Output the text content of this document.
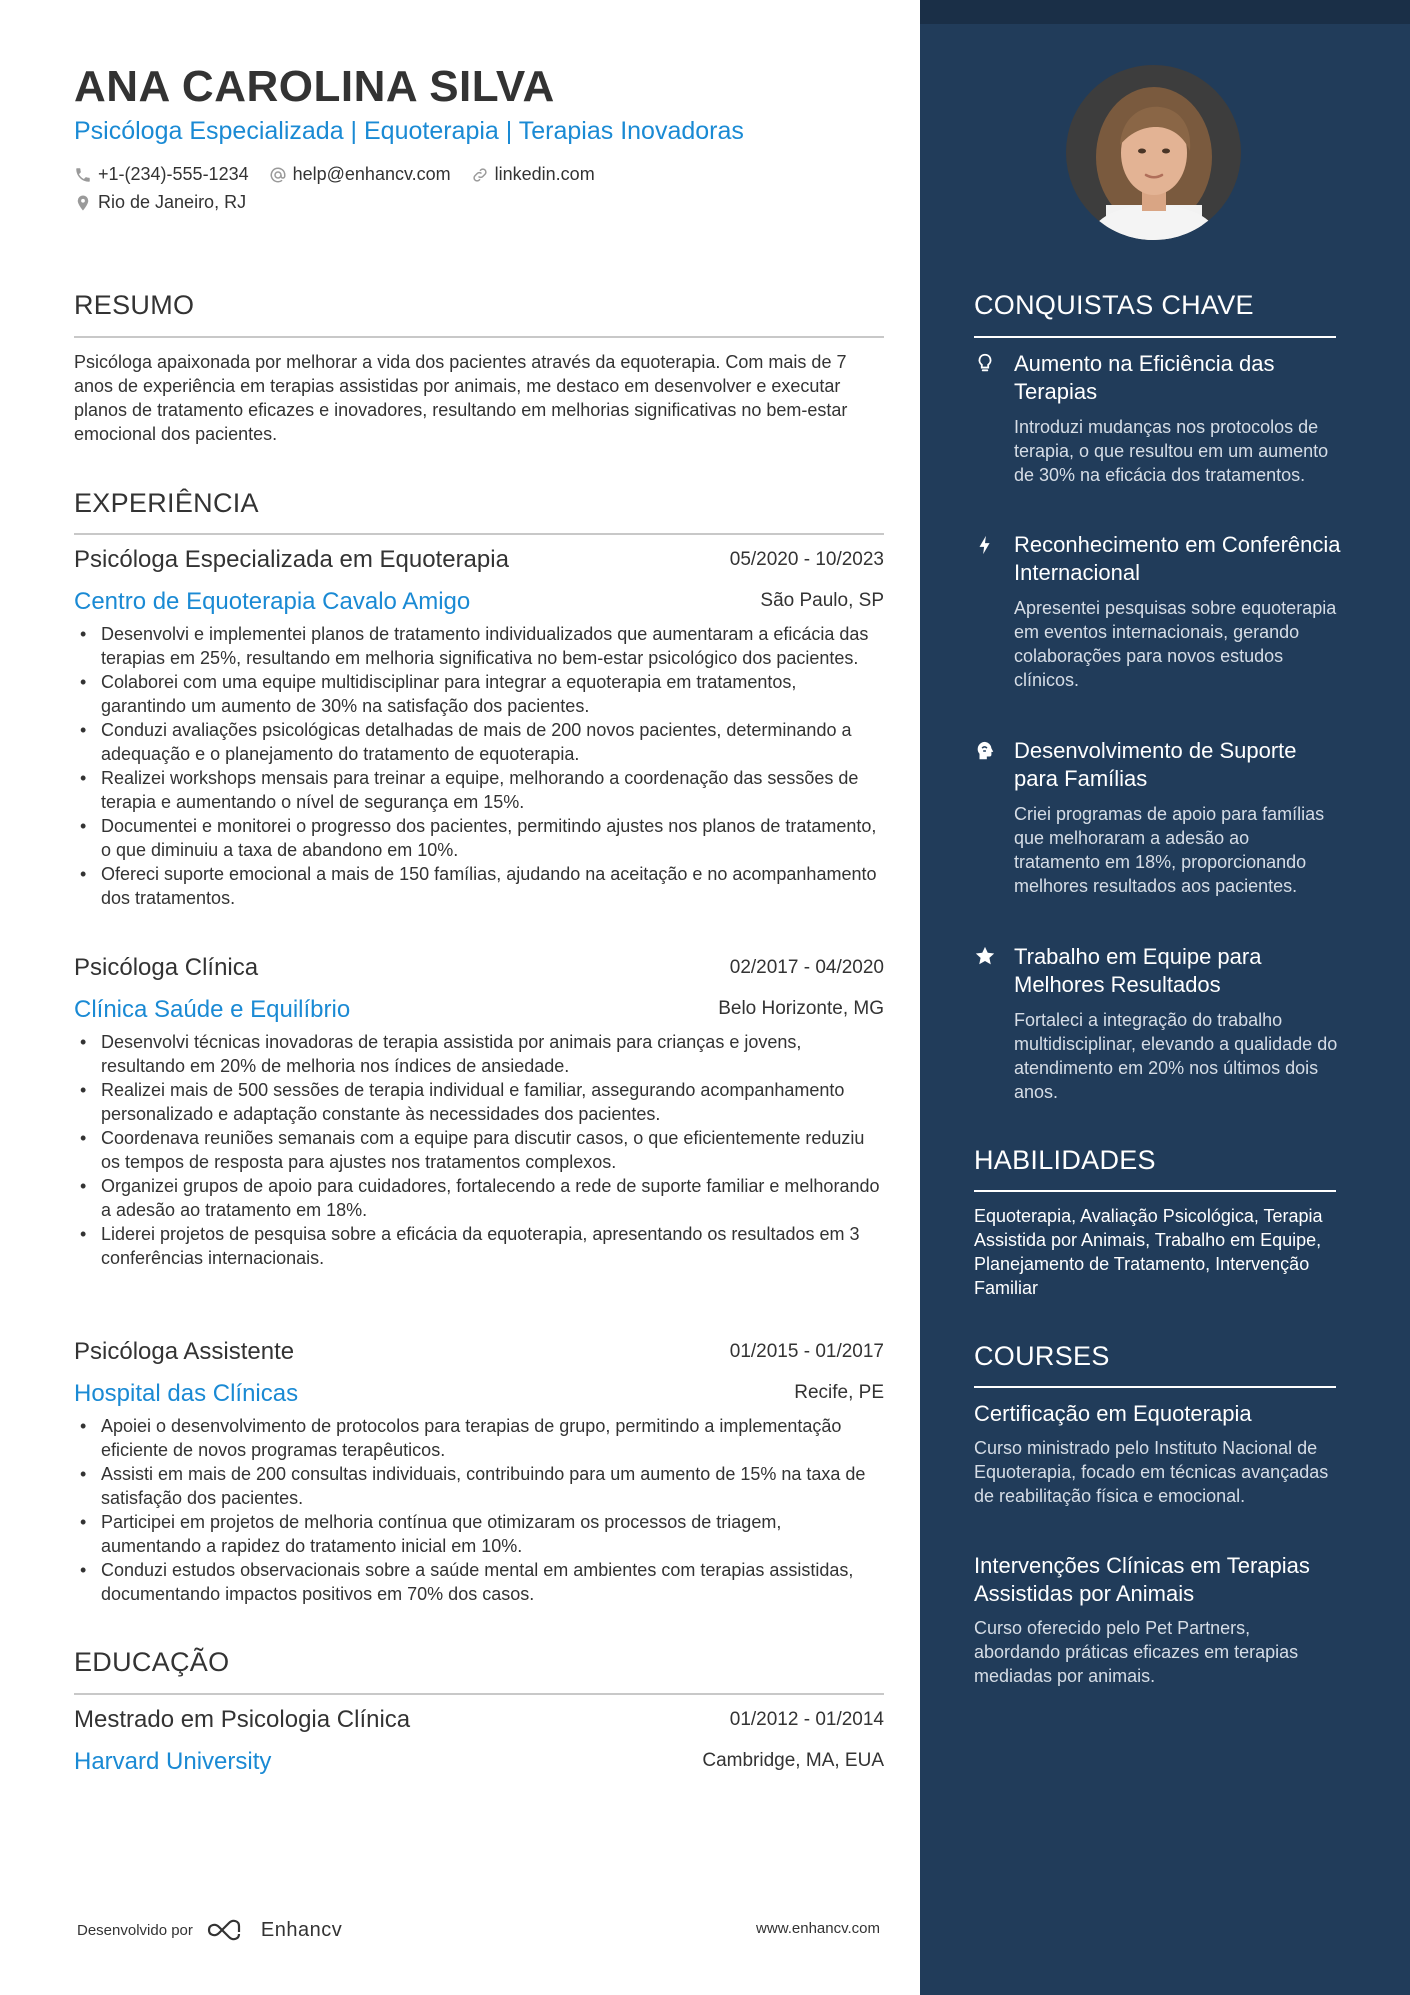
ANA CAROLINA SILVA
Psicóloga Especializada | Equoterapia | Terapias Inovadoras
+1-(234)-555-1234 help@enhancv.com linkedin.com
Rio de Janeiro, RJ
RESUMO
Psicóloga apaixonada por melhorar a vida dos pacientes através da equoterapia. Com mais de 7 anos de experiência em terapias assistidas por animais, me destaco em desenvolver e executar planos de tratamento eficazes e inovadores, resultando em melhorias significativas no bem-estar emocional dos pacientes.
EXPERIÊNCIA
Psicóloga Especializada em Equoterapia	05/2020 - 10/2023
Centro de Equoterapia Cavalo Amigo	São Paulo, SP
• Desenvolvi e implementei planos de tratamento individualizados que aumentaram a eficácia das terapias em 25%, resultando em melhoria significativa no bem-estar psicológico dos pacientes.
• Colaborei com uma equipe multidisciplinar para integrar a equoterapia em tratamentos, garantindo um aumento de 30% na satisfação dos pacientes.
• Conduzi avaliações psicológicas detalhadas de mais de 200 novos pacientes, determinando a adequação e o planejamento do tratamento de equoterapia.
• Realizei workshops mensais para treinar a equipe, melhorando a coordenação das sessões de terapia e aumentando o nível de segurança em 15%.
• Documentei e monitorei o progresso dos pacientes, permitindo ajustes nos planos de tratamento, o que diminuiu a taxa de abandono em 10%.
• Ofereci suporte emocional a mais de 150 famílias, ajudando na aceitação e no acompanhamento dos tratamentos.
Psicóloga Clínica	02/2017 - 04/2020
Clínica Saúde e Equilíbrio	Belo Horizonte, MG
• Desenvolvi técnicas inovadoras de terapia assistida por animais para crianças e jovens, resultando em 20% de melhoria nos índices de ansiedade.
• Realizei mais de 500 sessões de terapia individual e familiar, assegurando acompanhamento personalizado e adaptação constante às necessidades dos pacientes.
• Coordenava reuniões semanais com a equipe para discutir casos, o que eficientemente reduziu os tempos de resposta para ajustes nos tratamentos complexos.
• Organizei grupos de apoio para cuidadores, fortalecendo a rede de suporte familiar e melhorando a adesão ao tratamento em 18%.
• Liderei projetos de pesquisa sobre a eficácia da equoterapia, apresentando os resultados em 3 conferências internacionais.
Psicóloga Assistente	01/2015 - 01/2017
Hospital das Clínicas	Recife, PE
• Apoiei o desenvolvimento de protocolos para terapias de grupo, permitindo a implementação eficiente de novos programas terapêuticos.
• Assisti em mais de 200 consultas individuais, contribuindo para um aumento de 15% na taxa de satisfação dos pacientes.
• Participei em projetos de melhoria contínua que otimizaram os processos de triagem, aumentando a rapidez do tratamento inicial em 10%.
• Conduzi estudos observacionais sobre a saúde mental em ambientes com terapias assistidas, documentando impactos positivos em 70% dos casos.
EDUCAÇÃO
Mestrado em Psicologia Clínica	01/2012 - 01/2014
Harvard University	Cambridge, MA, EUA
Desenvolvido por	Enhancv	www.enhancv.com
CONQUISTAS CHAVE
Aumento na Eficiência das Terapias
Introduzi mudanças nos protocolos de terapia, o que resultou em um aumento de 30% na eficácia dos tratamentos.
Reconhecimento em Conferência Internacional
Apresentei pesquisas sobre equoterapia em eventos internacionais, gerando colaborações para novos estudos clínicos.
Desenvolvimento de Suporte para Famílias
Criei programas de apoio para famílias que melhoraram a adesão ao tratamento em 18%, proporcionando melhores resultados aos pacientes.
Trabalho em Equipe para Melhores Resultados
Fortaleci a integração do trabalho multidisciplinar, elevando a qualidade do atendimento em 20% nos últimos dois anos.
HABILIDADES
Equoterapia, Avaliação Psicológica, Terapia Assistida por Animais, Trabalho em Equipe, Planejamento de Tratamento, Intervenção Familiar
COURSES
Certificação em Equoterapia
Curso ministrado pelo Instituto Nacional de Equoterapia, focado em técnicas avançadas de reabilitação física e emocional.
Intervenções Clínicas em Terapias Assistidas por Animais
Curso oferecido pelo Pet Partners, abordando práticas eficazes em terapias mediadas por animais.
